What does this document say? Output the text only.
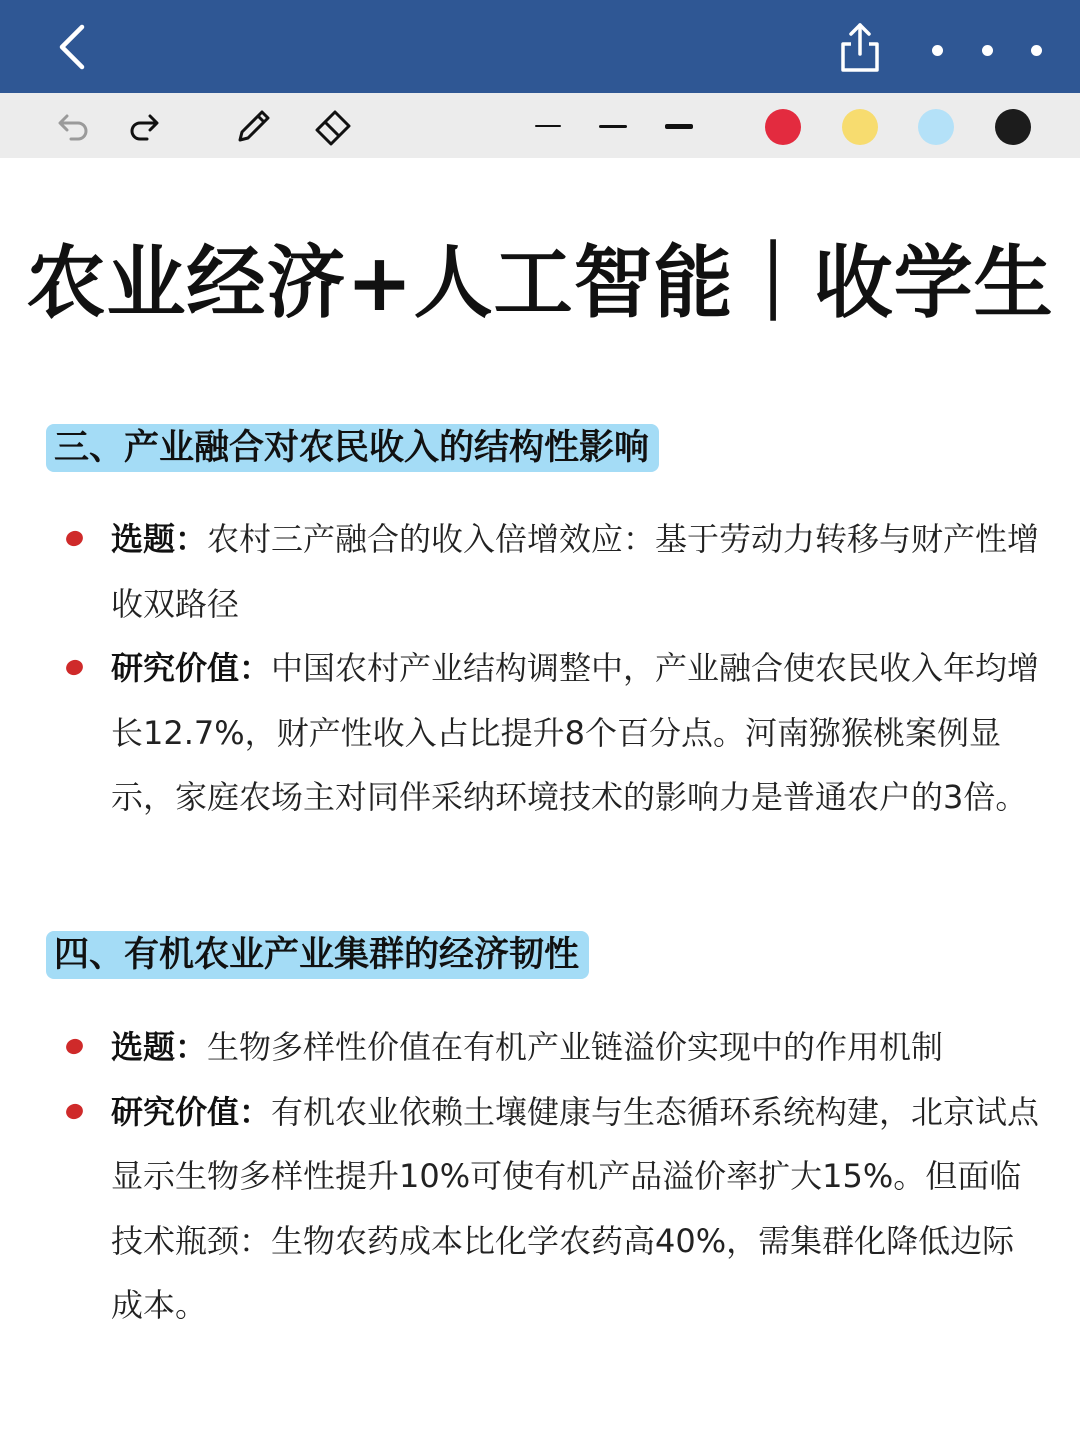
农业经济+人工智能｜收学生
三、产业融合对农民收入的结构性影响
选题：农村三产融合的收入倍增效应：基于劳动力转移与财产性增收双路径
研究价值：中国农村产业结构调整中，产业融合使农民收入年均增长12.7%，财产性收入占比提升8个百分点。河南猕猴桃案例显示，家庭农场主对同伴采纳环境技术的影响力是普通农户的3倍。
四、有机农业产业集群的经济韧性
选题：生物多样性价值在有机产业链溢价实现中的作用机制
研究价值：有机农业依赖土壤健康与生态循环系统构建，北京试点显示生物多样性提升10%可使有机产品溢价率扩大15%。但面临技术瓶颈：生物农药成本比化学农药高40%，需集群化降低边际成本。
